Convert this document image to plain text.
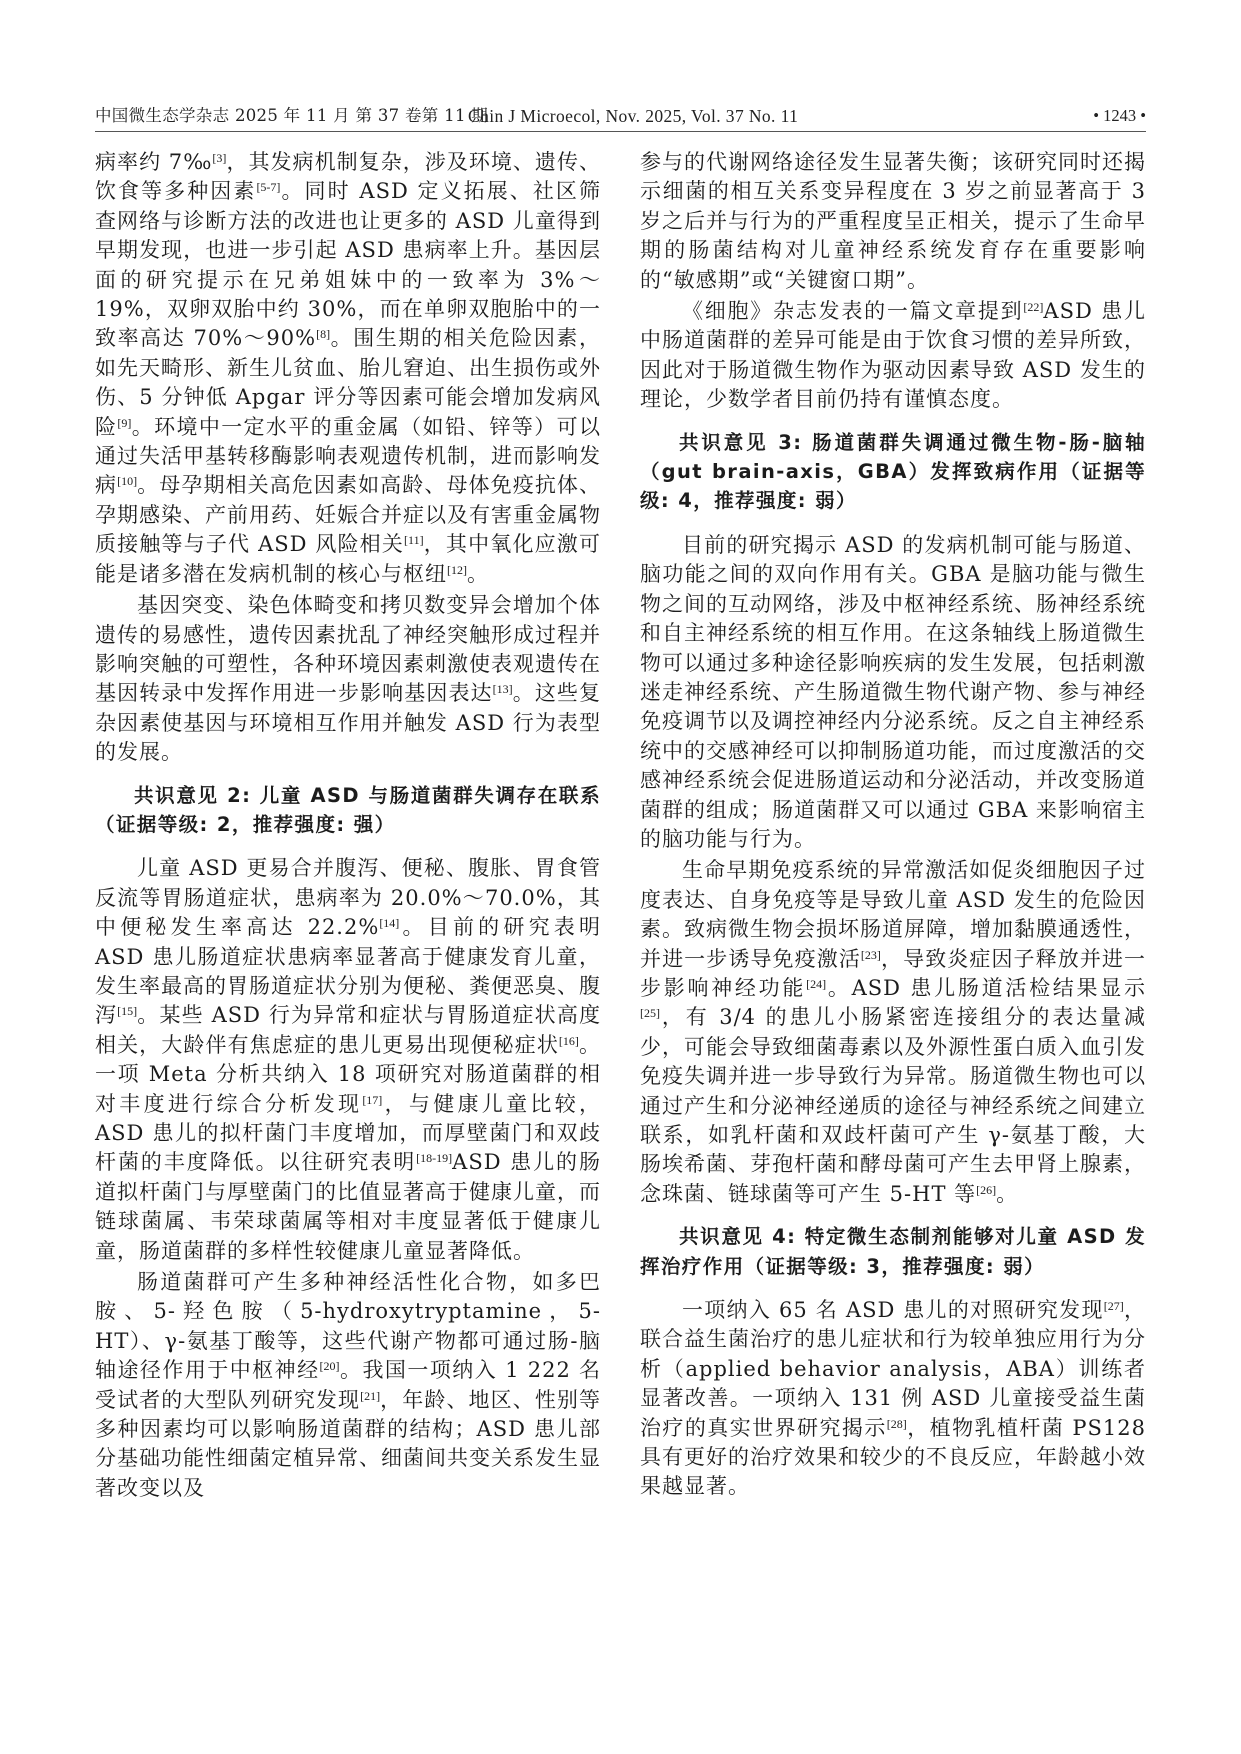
中国微生态学杂志 2025 年 11 月 第 37 卷第 11 期
Chin J Microecol, Nov. 2025, Vol. 37 No. 11	• 1243 •

病率约 7‰[3]，其发病机制复杂，涉及环境、遗传、饮食等多种因素[5-7]。同时 ASD 定义拓展、社区筛查网络与诊断方法的改进也让更多的 ASD 儿童得到早期发现，也进一步引起 ASD 患病率上升。基因层面的研究提示在兄弟姐妹中的一致率为 3%～19%，双卵双胎中约 30%，而在单卵双胞胎中的一致率高达 70%～90%[8]。围生期的相关危险因素，如先天畸形、新生儿贫血、胎儿窘迫、出生损伤或外伤、5 分钟低 Apgar 评分等因素可能会增加发病风险[9]。环境中一定水平的重金属（如铅、锌等）可以通过失活甲基转移酶影响表观遗传机制，进而影响发病[10]。母孕期相关高危因素如高龄、母体免疫抗体、孕期感染、产前用药、妊娠合并症以及有害重金属物质接触等与子代 ASD 风险相关[11]，其中氧化应激可能是诸多潜在发病机制的核心与枢纽[12]。

基因突变、染色体畸变和拷贝数变异会增加个体遗传的易感性，遗传因素扰乱了神经突触形成过程并影响突触的可塑性，各种环境因素刺激使表观遗传在基因转录中发挥作用进一步影响基因表达[13]。这些复杂因素使基因与环境相互作用并触发 ASD 行为表型的发展。

共识意见 2: 儿童 ASD 与肠道菌群失调存在联系（证据等级: 2，推荐强度: 强）

儿童 ASD 更易合并腹泻、便秘、腹胀、胃食管反流等胃肠道症状，患病率为 20.0%～70.0%，其中便秘发生率高达 22.2%[14]。目前的研究表明 ASD 患儿肠道症状患病率显著高于健康发育儿童，发生率最高的胃肠道症状分别为便秘、粪便恶臭、腹泻[15]。某些 ASD 行为异常和症状与胃肠道症状高度相关，大龄伴有焦虑症的患儿更易出现便秘症状[16]。一项 Meta 分析共纳入 18 项研究对肠道菌群的相对丰度进行综合分析发现[17]，与健康儿童比较，ASD 患儿的拟杆菌门丰度增加，而厚壁菌门和双歧杆菌的丰度降低。以往研究表明[18-19]ASD 患儿的肠道拟杆菌门与厚壁菌门的比值显著高于健康儿童，而链球菌属、韦荣球菌属等相对丰度显著低于健康儿童，肠道菌群的多样性较健康儿童显著降低。

肠道菌群可产生多种神经活性化合物，如多巴胺、5-羟色胺（5-hydroxytryptamine，5-HT）、γ-氨基丁酸等，这些代谢产物都可通过肠-脑轴途径作用于中枢神经[20]。我国一项纳入 1 222 名受试者的大型队列研究发现[21]，年龄、地区、性别等多种因素均可以影响肠道菌群的结构；ASD 患儿部分基础功能性细菌定植异常、细菌间共变关系发生显著改变以及

参与的代谢网络途径发生显著失衡；该研究同时还揭示细菌的相互关系变异程度在 3 岁之前显著高于 3 岁之后并与行为的严重程度呈正相关，提示了生命早期的肠菌结构对儿童神经系统发育存在重要影响的“敏感期”或“关键窗口期”。

《细胞》杂志发表的一篇文章提到[22]ASD 患儿中肠道菌群的差异可能是由于饮食习惯的差异所致，因此对于肠道微生物作为驱动因素导致 ASD 发生的理论，少数学者目前仍持有谨慎态度。

共识意见 3: 肠道菌群失调通过微生物-肠-脑轴（gut brain-axis，GBA）发挥致病作用（证据等级: 4，推荐强度: 弱）

目前的研究揭示 ASD 的发病机制可能与肠道、脑功能之间的双向作用有关。GBA 是脑功能与微生物之间的互动网络，涉及中枢神经系统、肠神经系统和自主神经系统的相互作用。在这条轴线上肠道微生物可以通过多种途径影响疾病的发生发展，包括刺激迷走神经系统、产生肠道微生物代谢产物、参与神经免疫调节以及调控神经内分泌系统。反之自主神经系统中的交感神经可以抑制肠道功能，而过度激活的交感神经系统会促进肠道运动和分泌活动，并改变肠道菌群的组成；肠道菌群又可以通过 GBA 来影响宿主的脑功能与行为。

生命早期免疫系统的异常激活如促炎细胞因子过度表达、自身免疫等是导致儿童 ASD 发生的危险因素。致病微生物会损坏肠道屏障，增加黏膜通透性，并进一步诱导免疫激活[23]，导致炎症因子释放并进一步影响神经功能[24]。ASD 患儿肠道活检结果显示[25]，有 3/4 的患儿小肠紧密连接组分的表达量减少，可能会导致细菌毒素以及外源性蛋白质入血引发免疫失调并进一步导致行为异常。肠道微生物也可以通过产生和分泌神经递质的途径与神经系统之间建立联系，如乳杆菌和双歧杆菌可产生 γ-氨基丁酸，大肠埃希菌、芽孢杆菌和酵母菌可产生去甲肾上腺素，念珠菌、链球菌等可产生 5-HT 等[26]。

共识意见 4: 特定微生态制剂能够对儿童 ASD 发挥治疗作用（证据等级: 3，推荐强度: 弱）

一项纳入 65 名 ASD 患儿的对照研究发现[27]，联合益生菌治疗的患儿症状和行为较单独应用行为分析（applied behavior analysis，ABA）训练者显著改善。一项纳入 131 例 ASD 儿童接受益生菌治疗的真实世界研究揭示[28]，植物乳植杆菌 PS128 具有更好的治疗效果和较少的不良反应，年龄越小效果越显著。
